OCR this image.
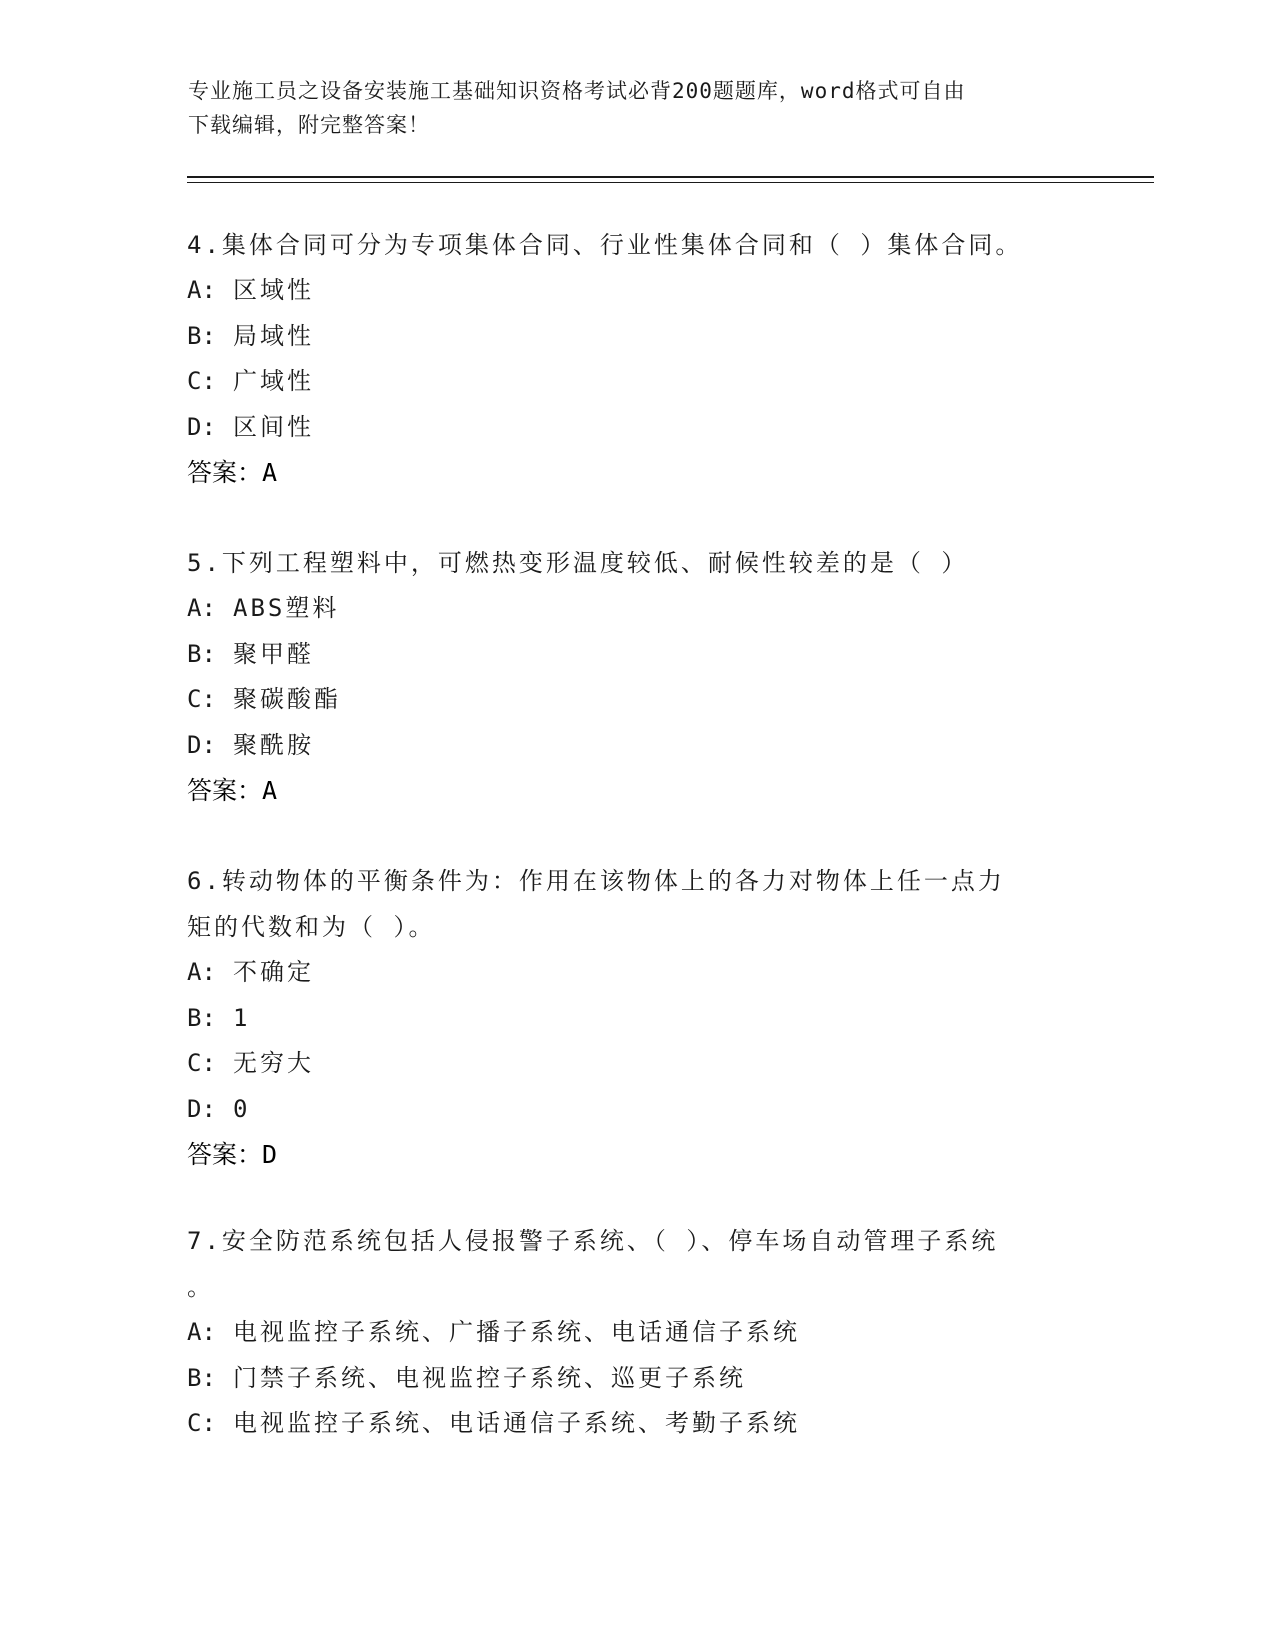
专业施工员之设备安装施工基础知识资格考试必背200题题库，word格式可自由
下载编辑，附完整答案！
4.集体合同可分为专项集体合同、行业性集体合同和（ ）集体合同。
A: 区域性
B: 局域性
C: 广域性
D: 区间性
答案：A
5.下列工程塑料中，可燃热变形温度较低、耐候性较差的是（ ）
A: ABS塑料
B: 聚甲醛
C: 聚碳酸酯
D: 聚酰胺
答案：A
6.转动物体的平衡条件为：作用在该物体上的各力对物体上任一点力
矩的代数和为（ ）。
A: 不确定
B: 1
C: 无穷大
D: 0
答案：D
7.安全防范系统包括人侵报警子系统、（ ）、停车场自动管理子系统
。
A: 电视监控子系统、广播子系统、电话通信子系统
B: 门禁子系统、电视监控子系统、巡更子系统
C: 电视监控子系统、电话通信子系统、考勤子系统
